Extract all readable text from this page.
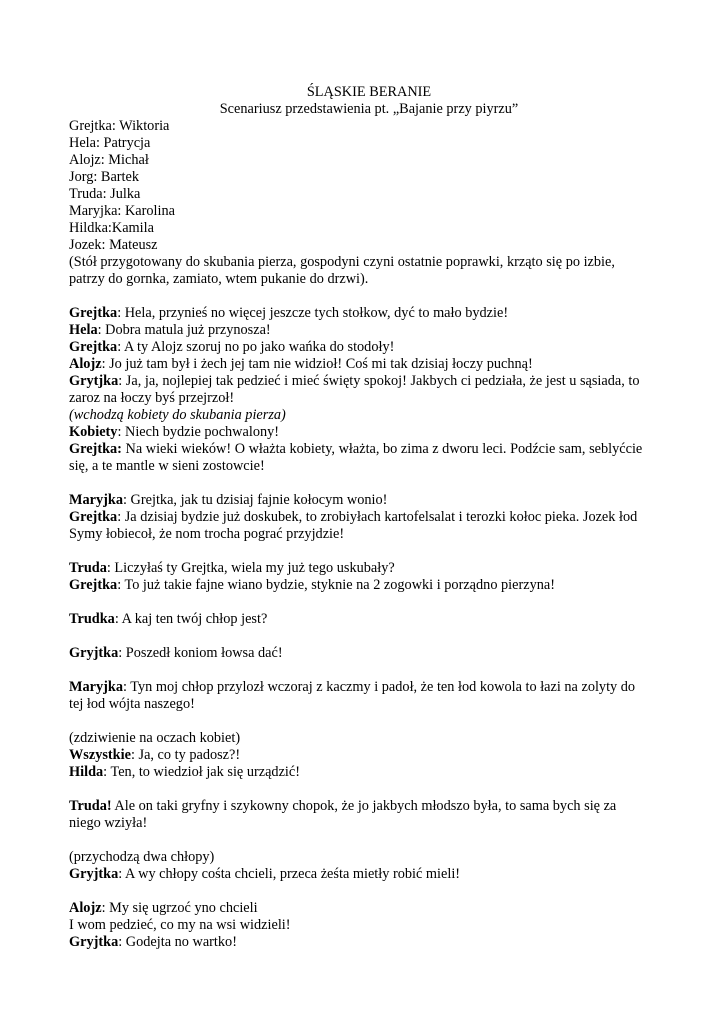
ŚLĄSKIE BERANIE
Scenariusz przedstawienia pt. „Bajanie przy piyrzu”
Grejtka: Wiktoria
Hela: Patrycja
Alojz: Michał
Jorg: Bartek
Truda: Julka
Maryjka: Karolina
Hildka:Kamila
Jozek: Mateusz
(Stół przygotowany do skubania pierza, gospodyni czyni ostatnie poprawki, krząto się po izbie,
patrzy do gornka, zamiato, wtem pukanie do drzwi).
Grejtka: Hela, przynieś no więcej jeszcze tych stołkow, dyć to mało bydzie!
Hela: Dobra matula już przynosza!
Grejtka: A ty Alojz szoruj no po jako wańka do stodoły!
Alojz: Jo już tam był i żech jej tam nie widzioł! Coś mi tak dzisiaj łoczy puchną!
Grytjka: Ja, ja, nojlepiej tak pedzieć i mieć święty spokoj! Jakbych ci pedziała, że jest u sąsiada, to
zaroz na łoczy byś przejrzoł!
(wchodzą kobiety do skubania pierza)
Kobiety: Niech bydzie pochwalony!
Grejtka: Na wieki wieków! O włażta kobiety, włażta, bo zima z dworu leci. Podźcie sam, seblyćcie
się, a te mantle w sieni zostowcie!
Maryjka: Grejtka, jak tu dzisiaj fajnie kołocym wonio!
Grejtka: Ja dzisiaj bydzie już doskubek, to zrobiyłach kartofelsalat i terozki kołoc pieka. Jozek łod
Symy łobiecoł, że nom trocha pograć przyjdzie!
Truda: Liczyłaś ty Grejtka, wiela my już tego uskubały?
Grejtka: To już takie fajne wiano bydzie, styknie na 2 zogowki i porządno pierzyna!
Trudka: A kaj ten twój chłop jest?
Gryjtka: Poszedł koniom łowsa dać!
Maryjka: Tyn moj chłop przylozł wczoraj z kaczmy i padoł, że ten łod kowola to łazi na zolyty do
tej łod wójta naszego!
(zdziwienie na oczach kobiet)
Wszystkie: Ja, co ty padosz?!
Hilda: Ten, to wiedzioł jak się urządzić!
Truda! Ale on taki gryfny i szykowny chopok, że jo jakbych młodszo była, to sama bych się za
niego wziyła!
(przychodzą dwa chłopy)
Gryjtka: A wy chłopy cośta chcieli, przeca żeśta mietły robić mieli!
Alojz: My się ugrzoć yno chcieli
I wom pedzieć, co my na wsi widzieli!
Gryjtka: Godejta no wartko!
